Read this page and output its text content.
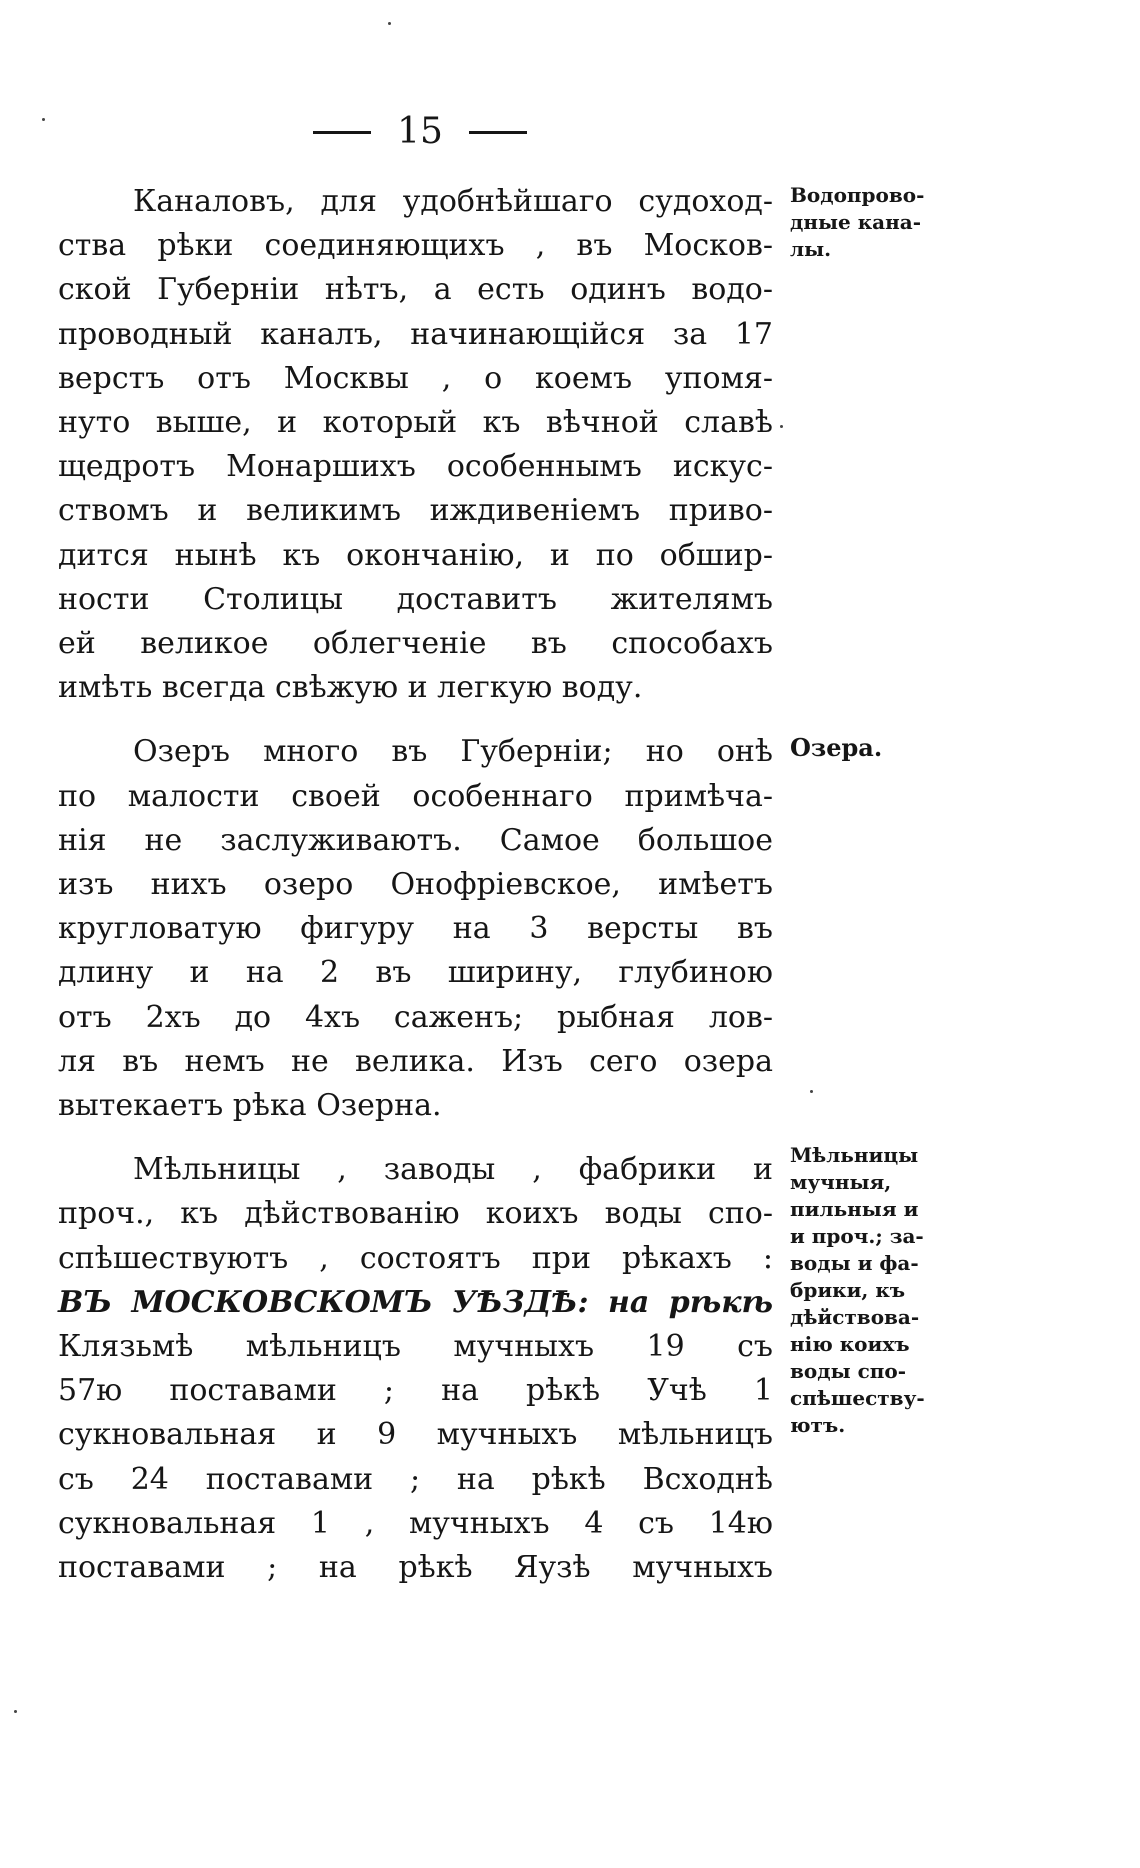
15

Каналовъ, для удобнѣйшаго судоход-

ства рѣки соединяющихъ , въ Москов-

ской Губерніи нѣтъ, а есть одинъ водо-

проводный каналъ, начинающійся за 17

верстъ отъ Москвы , о коемъ упомя-

нуто выше, и который къ вѣчной славѣ

щедротъ Монаршихъ особеннымъ искус-

ствомъ и великимъ иждивеніемъ приво-

дится нынѣ къ окончанію, и по обшир-

ности Столицы доставитъ жителямъ

ей великое облегченіе въ способахъ

имѣть всегда свѣжую и легкую воду.

Озеръ много въ Губерніи; но онѣ

по малости своей особеннаго примѣча-

нія не заслуживаютъ. Самое большое

изъ нихъ озеро Онофріевское, имѣетъ

кругловатую фигуру на 3 версты въ

длину и на 2 въ ширину, глубиною

отъ 2хъ до 4хъ саженъ; рыбная лов-

ля въ немъ не велика. Изъ сего озера

вытекаетъ рѣка Озерна.

Мѣльницы , заводы , фабрики и

проч., къ дѣйствованію коихъ воды спо-

спѣшествуютъ , состоятъ при рѣкахъ :

ВЪ МОСКОВСКОМЪ УѢЗДѢ: на рѣкѣ

Клязьмѣ мѣльницъ мучныхъ 19 съ

57ю поставами ; на рѣкѣ Учѣ 1

сукновальная и 9 мучныхъ мѣльницъ

съ 24 поставами ; на рѣкѣ Всходнѣ

сукновальная 1 , мучныхъ 4 съ 14ю

поставами ; на рѣкѣ Яузѣ мучныхъ

Водопрово-

дные кана-

лы.

Озера.

Мѣльницы

мучныя,

пильныя и

и проч.; за-

воды и фа-

брики, къ

дѣйствова-

нію коихъ

воды спо-

спѣшеству-

ютъ.
